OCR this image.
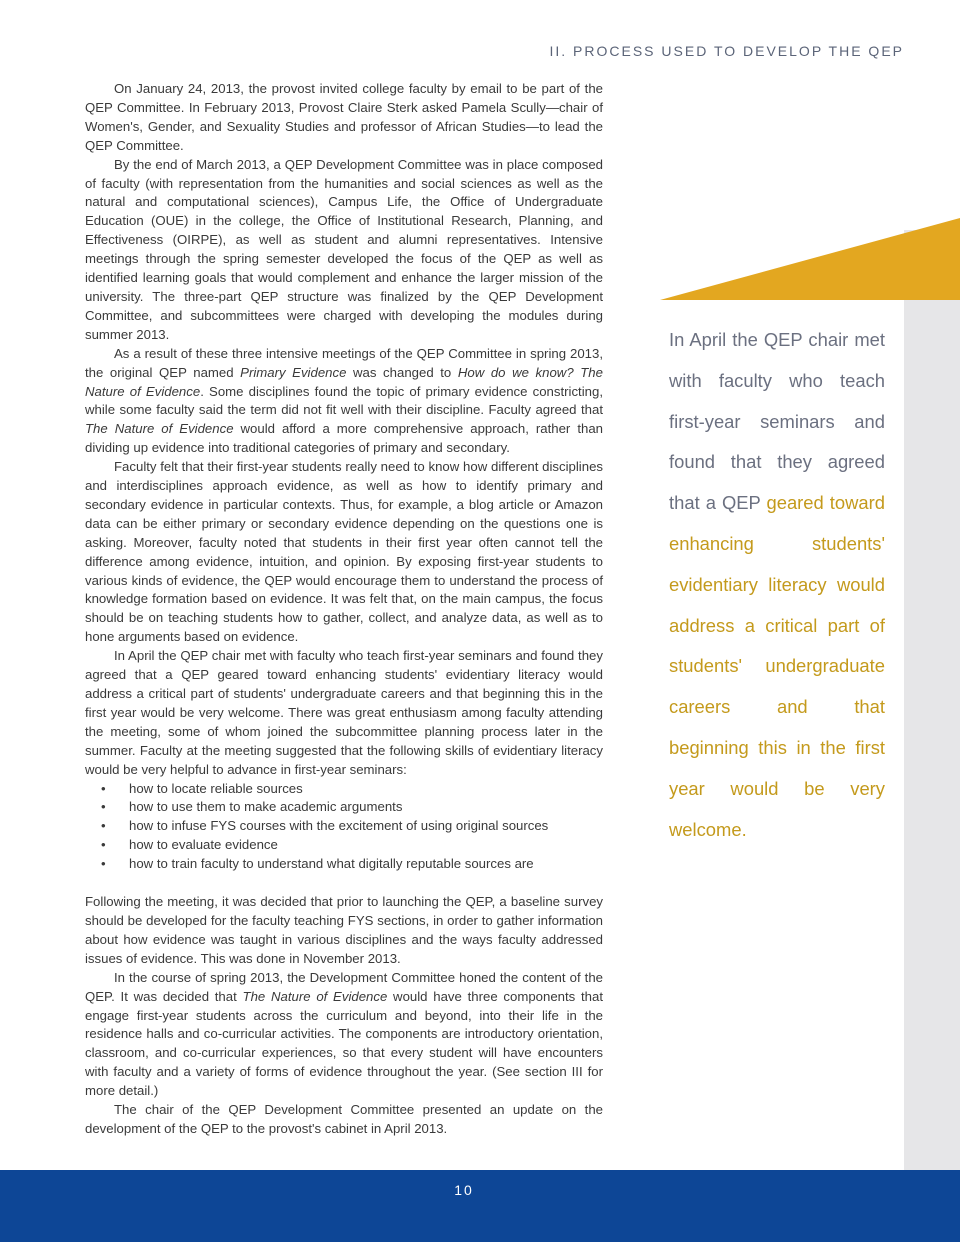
II. PROCESS USED TO DEVELOP THE QEP

On January 24, 2013, the provost invited college faculty by email to be part of the QEP Committee. In February 2013, Provost Claire Sterk asked Pamela Scully—chair of Women's, Gender, and Sexuality Studies and professor of African Studies—to lead the QEP Committee.

By the end of March 2013, a QEP Development Committee was in place composed of faculty (with representation from the humanities and social sciences as well as the natural and computational sciences), Campus Life, the Office of Undergraduate Education (OUE) in the college, the Office of Institutional Research, Planning, and Effectiveness (OIRPE), as well as student and alumni representatives. Intensive meetings through the spring semester developed the focus of the QEP as well as identified learning goals that would complement and enhance the larger mission of the university. The three-part QEP structure was finalized by the QEP Development Committee, and subcommittees were charged with developing the modules during summer 2013.

As a result of these three intensive meetings of the QEP Committee in spring 2013, the original QEP named Primary Evidence was changed to How do we know? The Nature of Evidence. Some disciplines found the topic of primary evidence constricting, while some faculty said the term did not fit well with their discipline. Faculty agreed that The Nature of Evidence would afford a more comprehensive approach, rather than dividing up evidence into traditional categories of primary and secondary.

Faculty felt that their first-year students really need to know how different disciplines and interdisciplines approach evidence, as well as how to identify primary and secondary evidence in particular contexts. Thus, for example, a blog article or Amazon data can be either primary or secondary evidence depending on the questions one is asking. Moreover, faculty noted that students in their first year often cannot tell the difference among evidence, intuition, and opinion. By exposing first-year students to various kinds of evidence, the QEP would encourage them to understand the process of knowledge formation based on evidence. It was felt that, on the main campus, the focus should be on teaching students how to gather, collect, and analyze data, as well as to hone arguments based on evidence.

In April the QEP chair met with faculty who teach first-year seminars and found they agreed that a QEP geared toward enhancing students' evidentiary literacy would address a critical part of students' undergraduate careers and that beginning this in the first year would be very welcome. There was great enthusiasm among faculty attending the meeting, some of whom joined the subcommittee planning process later in the summer. Faculty at the meeting suggested that the following skills of evidentiary literacy would be very helpful to advance in first-year seminars:

• how to locate reliable sources
• how to use them to make academic arguments
• how to infuse FYS courses with the excitement of using original sources
• how to evaluate evidence
• how to train faculty to understand what digitally reputable sources are

Following the meeting, it was decided that prior to launching the QEP, a baseline survey should be developed for the faculty teaching FYS sections, in order to gather information about how evidence was taught in various disciplines and the ways faculty addressed issues of evidence. This was done in November 2013.

In the course of spring 2013, the Development Committee honed the content of the QEP. It was decided that The Nature of Evidence would have three components that engage first-year students across the curriculum and beyond, into their life in the residence halls and co-curricular activities. The components are introductory orientation, classroom, and co-curricular experiences, so that every student will have encounters with faculty and a variety of forms of evidence throughout the year. (See section III for more detail.)

The chair of the QEP Development Committee presented an update on the development of the QEP to the provost's cabinet in April 2013.

In April the QEP chair met with faculty who teach first-year seminars and found that they agreed that a QEP geared toward enhancing students' evidentiary literacy would address a critical part of students' undergraduate careers and that beginning this in the first year would be very welcome.
10
